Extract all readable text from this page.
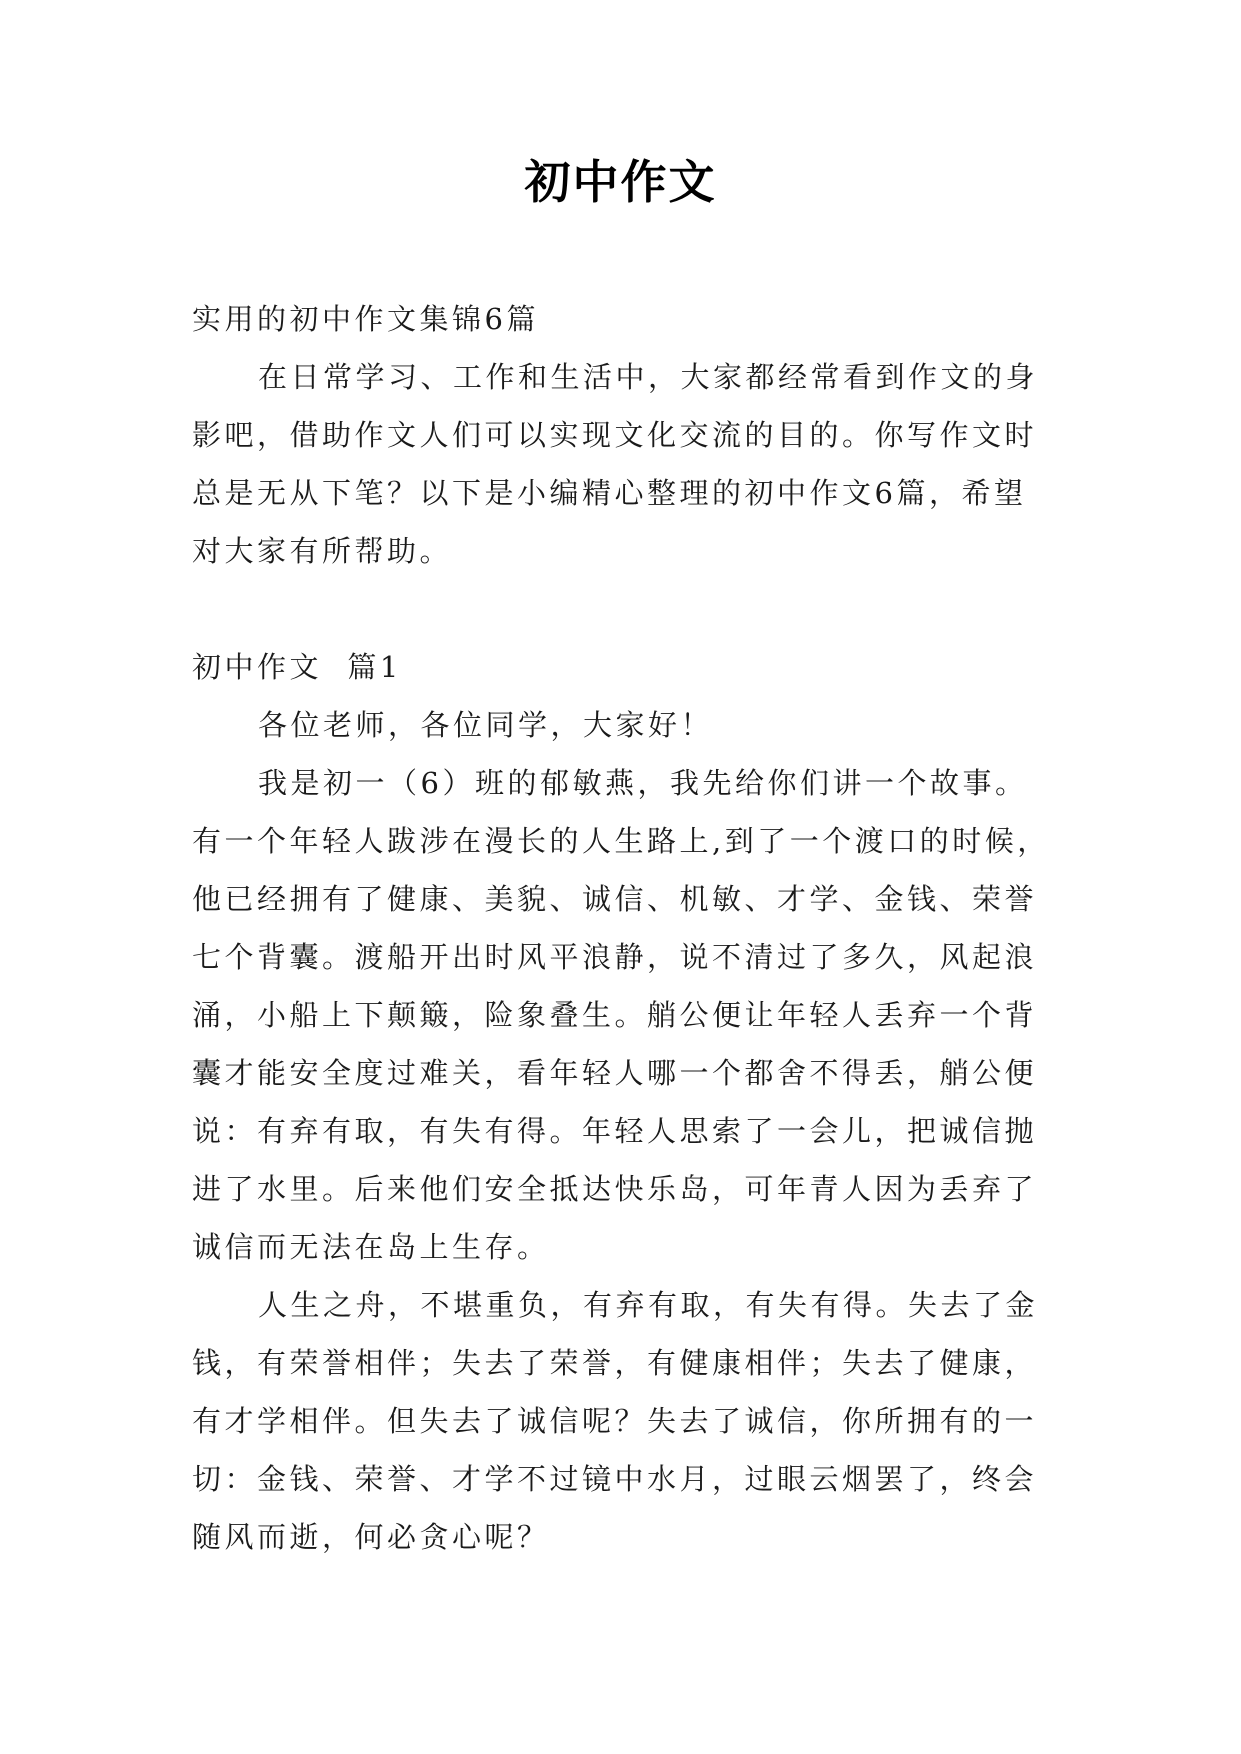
初中作文

实用的初中作文集锦6篇

在日常学习、工作和生活中，大家都经常看到作文的身

影吧，借助作文人们可以实现文化交流的目的。你写作文时

总是无从下笔？以下是小编精心整理的初中作文6篇，希望

对大家有所帮助。

初中作文  篇1

各位老师，各位同学，大家好！

我是初一（6）班的郁敏燕，我先给你们讲一个故事。

有一个年轻人跋涉在漫长的人生路上,到了一个渡口的时候，

他已经拥有了健康、美貌、诚信、机敏、才学、金钱、荣誉

七个背囊。渡船开出时风平浪静，说不清过了多久，风起浪

涌，小船上下颠簸，险象叠生。艄公便让年轻人丢弃一个背

囊才能安全度过难关，看年轻人哪一个都舍不得丢，艄公便

说：有弃有取，有失有得。年轻人思索了一会儿，把诚信抛

进了水里。后来他们安全抵达快乐岛，可年青人因为丢弃了

诚信而无法在岛上生存。

人生之舟，不堪重负，有弃有取，有失有得。失去了金

钱，有荣誉相伴；失去了荣誉，有健康相伴；失去了健康，

有才学相伴。但失去了诚信呢？失去了诚信，你所拥有的一

切：金钱、荣誉、才学不过镜中水月，过眼云烟罢了，终会

随风而逝，何必贪心呢？
